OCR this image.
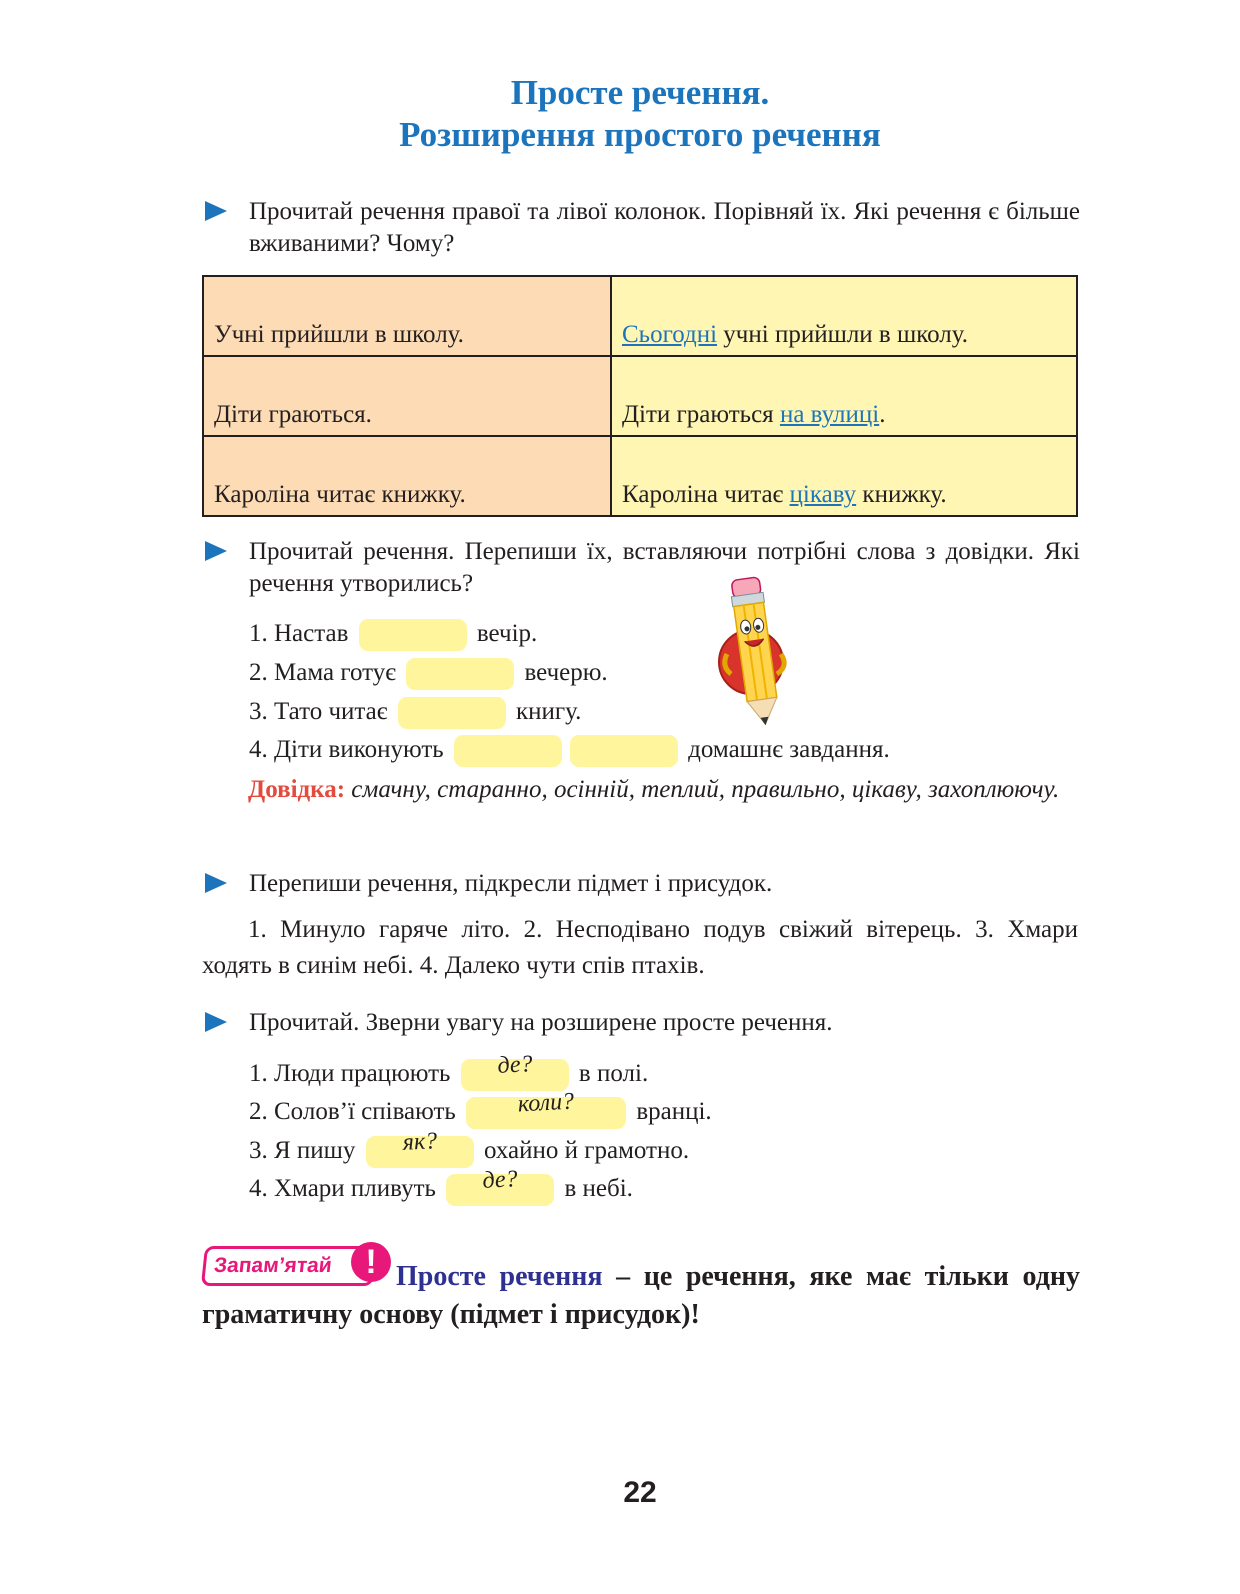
Просте речення.
Розширення простого речення
Прочитай речення правої та лівої колонок. Порівняй їх. Які речення є більше вживаними? Чому?
Учні прийшли в школу.	Сьогодні учні прийшли в школу.
Діти граються.	Діти граються на вулиці.
Кароліна читає книжку.	Кароліна читає цікаву книжку.
Прочитай речення. Перепиши їх, вставляючи потрібні слова з довідки. Які речення утворились?
1. Настав	вечір.
2. Мама готує	вечерю.
3. Тато читає	книгу.
4. Діти виконують	домашнє завдання.
Довідка: смачну, старанно, осінній, теплий, правильно, цікаву, захоплюючу.
Перепиши речення, підкресли підмет і присудок.
1. Минуло гаряче літо. 2. Несподівано подув свіжий вітерець. 3. Хмари ходять в синім небі. 4. Далеко чути спів птахів.
Прочитай. Зверни увагу на розширене просте речення.
1. Люди працюють	де?	в полі.
2. Солов’ї співають	коли?	вранці.
3. Я пишу	як?	охайно й грамотно.
4. Хмари пливуть	де?	в небі.
Запам’ятай ! Просте речення – це речення, яке має тільки одну граматичну основу (підмет і присудок)!
22
